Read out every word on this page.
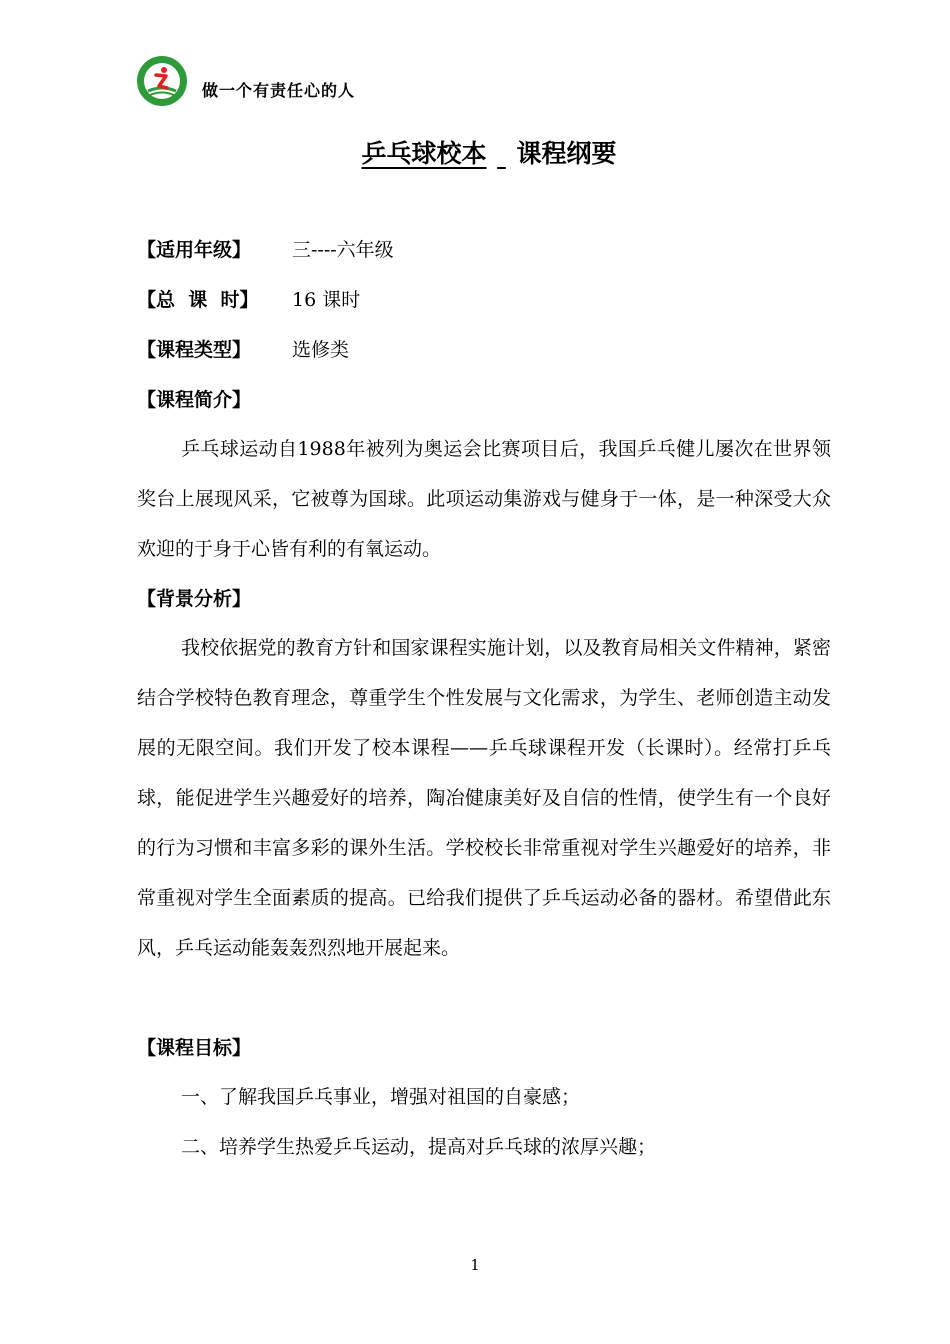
做一个有责任心的人
乒乓球校本 课程纲要
【适用年级】 三----六年级
【总  课  时】 16 课时
【课程类型】 选修类
【课程简介】
乒乓球运动自1988年被列为奥运会比赛项目后，我国乒乓健儿屡次在世界领奖台上展现风采，它被尊为国球。此项运动集游戏与健身于一体，是一种深受大众欢迎的于身于心皆有利的有氧运动。
【背景分析】
我校依据党的教育方针和国家课程实施计划，以及教育局相关文件精神，紧密结合学校特色教育理念，尊重学生个性发展与文化需求，为学生、老师创造主动发展的无限空间。我们开发了校本课程——乒乓球课程开发（长课时）。经常打乒乓球，能促进学生兴趣爱好的培养，陶冶健康美好及自信的性情，使学生有一个良好的行为习惯和丰富多彩的课外生活。学校校长非常重视对学生兴趣爱好的培养，非常重视对学生全面素质的提高。已给我们提供了乒乓运动必备的器材。希望借此东风，乒乓运动能轰轰烈烈地开展起来。
【课程目标】
一、了解我国乒乓事业，增强对祖国的自豪感；
二、培养学生热爱乒乓运动，提高对乒乓球的浓厚兴趣；
1
